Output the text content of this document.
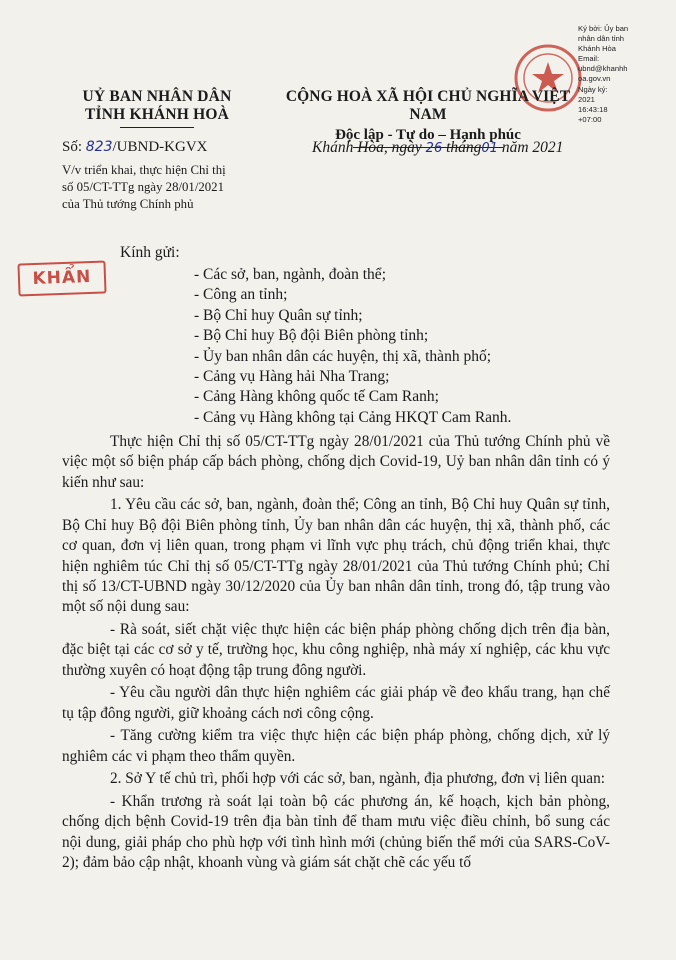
Ký bởi: Ủy ban
nhân dân tỉnh
Khánh Hòa
Email:
ubnd@khanhh
oa.gov.vn
Ngày ký:
2021
16:43:18
+07:00
UỶ BAN NHÂN DÂN
TỈNH KHÁNH HOÀ
CỘNG HOÀ XÃ HỘI CHỦ NGHĨA VIỆT NAM
Độc lập - Tự do – Hạnh phúc
Số: 823/UBND-KGVX	Khánh Hòa, ngày 26 tháng01 năm 2021
V/v triển khai, thực hiện Chỉ thị
số 05/CT-TTg ngày 28/01/2021
của Thủ tướng Chính phủ
KHẨN
Kính gửi:
- Các sở, ban, ngành, đoàn thể;
- Công an tỉnh;
- Bộ Chỉ huy Quân sự tỉnh;
- Bộ Chỉ huy Bộ đội Biên phòng tỉnh;
- Ủy ban nhân dân các huyện, thị xã, thành phố;
- Cảng vụ Hàng hải Nha Trang;
- Cảng Hàng không quốc tế Cam Ranh;
- Cảng vụ Hàng không tại Cảng HKQT Cam Ranh.

Thực hiện Chỉ thị số 05/CT-TTg ngày 28/01/2021 của Thủ tướng Chính phủ về việc một số biện pháp cấp bách phòng, chống dịch Covid-19, Uỷ ban nhân dân tỉnh có ý kiến như sau:

1. Yêu cầu các sở, ban, ngành, đoàn thể; Công an tỉnh, Bộ Chỉ huy Quân sự tỉnh, Bộ Chỉ huy Bộ đội Biên phòng tỉnh, Ủy ban nhân dân các huyện, thị xã, thành phố, các cơ quan, đơn vị liên quan, trong phạm vi lĩnh vực phụ trách, chủ động triển khai, thực hiện nghiêm túc Chỉ thị số 05/CT-TTg ngày 28/01/2021 của Thủ tướng Chính phủ; Chỉ thị số 13/CT-UBND ngày 30/12/2020 của Ủy ban nhân dân tỉnh, trong đó, tập trung vào một số nội dung sau:

- Rà soát, siết chặt việc thực hiện các biện pháp phòng chống dịch trên địa bàn, đặc biệt tại các cơ sở y tế, trường học, khu công nghiệp, nhà máy xí nghiệp, các khu vực thường xuyên có hoạt động tập trung đông người.

- Yêu cầu người dân thực hiện nghiêm các giải pháp về đeo khẩu trang, hạn chế tụ tập đông người, giữ khoảng cách nơi công cộng.

- Tăng cường kiểm tra việc thực hiện các biện pháp phòng, chống dịch, xử lý nghiêm các vi phạm theo thẩm quyền.

2. Sở Y tế chủ trì, phối hợp với các sở, ban, ngành, địa phương, đơn vị liên quan:

- Khẩn trương rà soát lại toàn bộ các phương án, kế hoạch, kịch bản phòng, chống dịch bệnh Covid-19 trên địa bàn tỉnh để tham mưu việc điều chỉnh, bổ sung các nội dung, giải pháp cho phù hợp với tình hình mới (chủng biến thể mới của SARS-CoV-2); đảm bảo cập nhật, khoanh vùng và giám sát chặt chẽ các yếu tố
